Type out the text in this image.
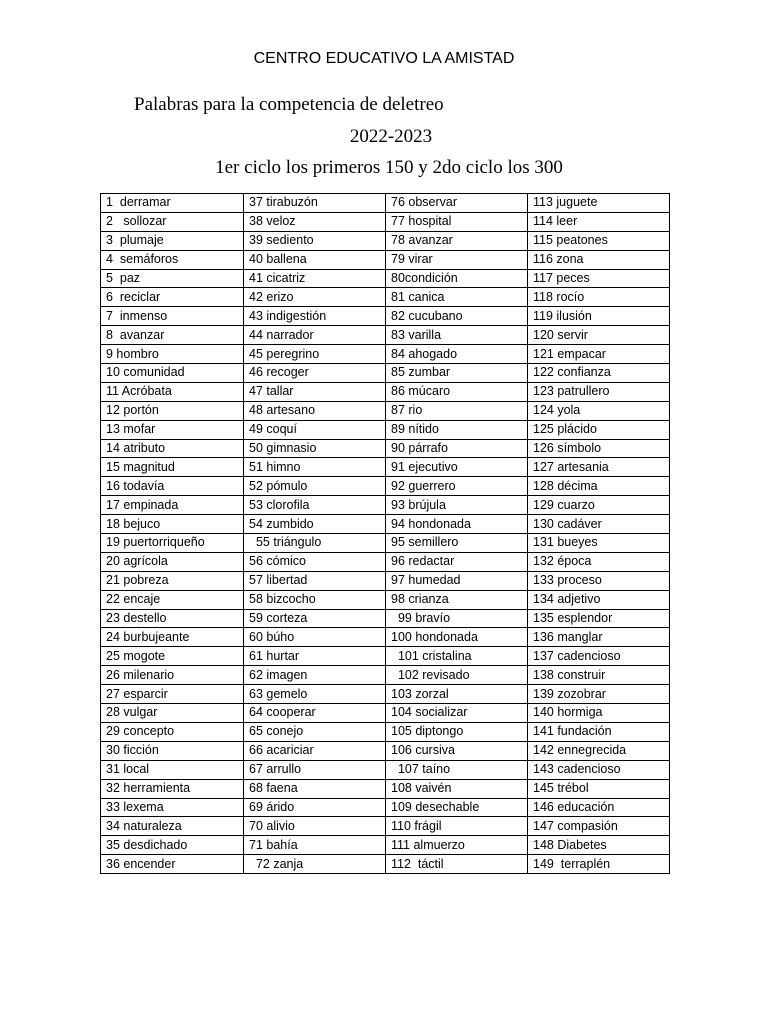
CENTRO EDUCATIVO LA AMISTAD
Palabras para la competencia de deletreo
2022-2023
1er ciclo los primeros 150 y 2do ciclo los 300
1  derramar	37 tirabuzón	76 observar	113 juguete
2   sollozar	38 veloz	77 hospital	114 leer
3  plumaje	39 sediento	78 avanzar	115 peatones
4  semáforos	40 ballena	79 virar	116 zona
5  paz	41 cicatriz	80condición	117 peces
6  reciclar	42 erizo	81 canica	118 rocío
7  inmenso	43 indigestión	82 cucubano	119 ilusión
8  avanzar	44 narrador	83 varilla	120 servir
9 hombro	45 peregrino	84 ahogado	121 empacar
10 comunidad	46 recoger	85 zumbar	122 confianza
11 Acróbata	47 tallar	86 múcaro	123 patrullero
12 portón	48 artesano	87 rio	124 yola
13 mofar	49 coquí	89 nítido	125 plácido
14 atributo	50 gimnasio	90 párrafo	126 símbolo
15 magnitud	51 himno	91 ejecutivo	127 artesania
16 todavía	52 pómulo	92 guerrero	128 décima
17 empinada	53 clorofila	93 brújula	129 cuarzo
18 bejuco	54 zumbido	94 hondonada	130 cadáver
19 puertorriqueño	55 triángulo	95 semillero	131 bueyes
20 agrícola	56 cómico	96 redactar	132 época
21 pobreza	57 libertad	97 humedad	133 proceso
22 encaje	58 bizcocho	98 crianza	134 adjetivo
23 destello	59 corteza	99 bravío	135 esplendor
24 burbujeante	60 búho	100 hondonada	136 manglar
25 mogote	61 hurtar	101 cristalina	137 cadencioso
26 milenario	62 imagen	102 revisado	138 construir
27 esparcir	63 gemelo	103 zorzal	139 zozobrar
28 vulgar	64 cooperar	104 socializar	140 hormiga
29 concepto	65 conejo	105 diptongo	141 fundación
30 ficción	66 acariciar	106 cursiva	142 ennegrecida
31 local	67 arrullo	107 taíno	143 cadencioso
32 herramienta	68 faena	108 vaivén	145 trébol
33 lexema	69 árido	109 desechable	146 educación
34 naturaleza	70 alivio	110 frágil	147 compasión
35 desdichado	71 bahía	111 almuerzo	148 Diabetes
36 encender	72 zanja	112  táctil	149  terraplén
